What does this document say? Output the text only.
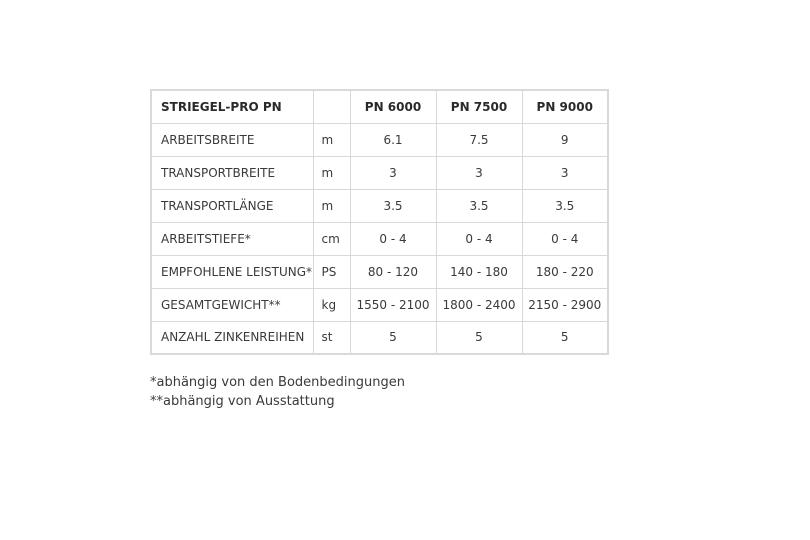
STRIEGEL-PRO PN		PN 6000	PN 7500	PN 9000
ARBEITSBREITE	m	6.1	7.5	9
TRANSPORTBREITE	m	3	3	3
TRANSPORTLÄNGE	m	3.5	3.5	3.5
ARBEITSTIEFE*	cm	0 - 4	0 - 4	0 - 4
EMPFOHLENE LEISTUNG*	PS	80 - 120	140 - 180	180 - 220
GESAMTGEWICHT**	kg	1550 - 2100	1800 - 2400	2150 - 2900
ANZAHL ZINKENREIHEN	st	5	5	5
*abhängig von den Bodenbedingungen
**abhängig von Ausstattung
